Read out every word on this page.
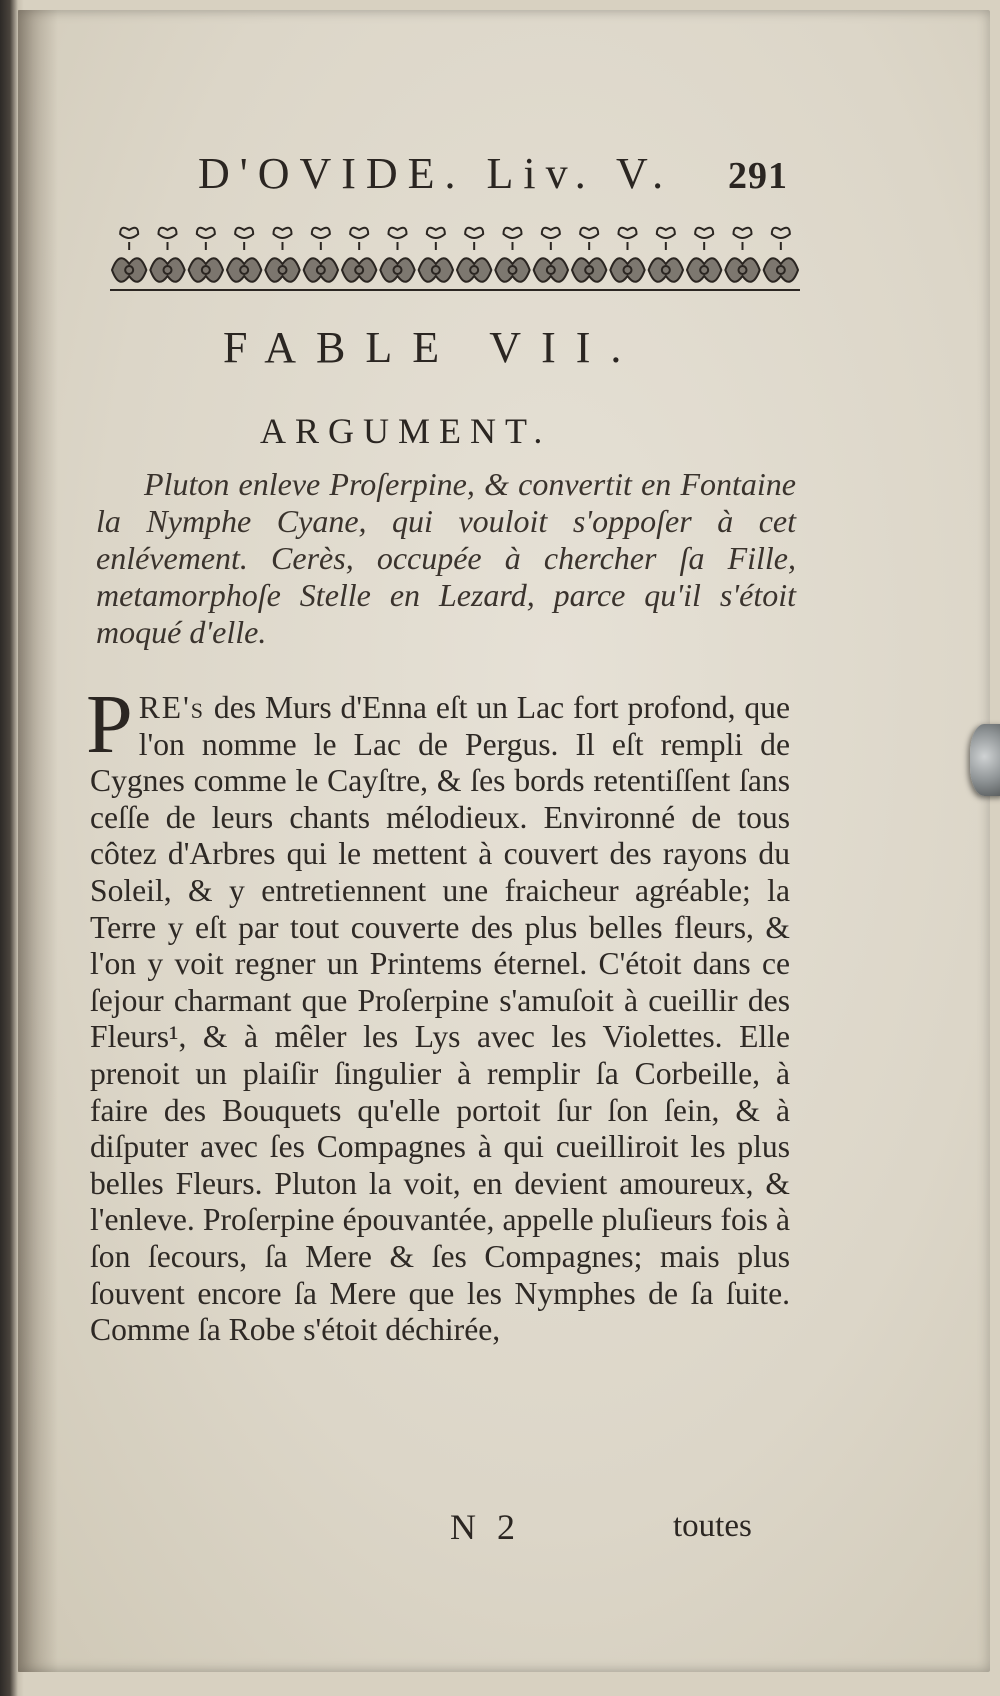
D'OVIDE. Liv. V. 291
FABLE VII.
ARGUMENT.

Pluton enleve Proſerpine, & convertit en Fontaine la Nymphe Cyane, qui vouloit s'oppoſer à cet enlévement. Cerès, occupée à chercher ſa Fille, metamorphoſe Stelle en Lezard, parce qu'il s'étoit moqué d'elle.

PRE's des Murs d'Enna eſt un Lac fort profond, que l'on nomme le Lac de Pergus. Il eſt rempli de Cygnes comme le Cayſtre, & ſes bords retentiſſent ſans ceſſe de leurs chants mélodieux. Environné de tous côtez d'Arbres qui le mettent à couvert des rayons du Soleil, & y entretiennent une fraicheur agréable; la Terre y eſt par tout couverte des plus belles fleurs, & l'on y voit regner un Printems éternel. C'étoit dans ce ſejour charmant que Proſerpine s'amuſoit à cueillir des Fleurs¹, & à mêler les Lys avec les Violettes. Elle prenoit un plaiſir ſingulier à remplir ſa Corbeille, à faire des Bouquets qu'elle portoit ſur ſon ſein, & à diſputer avec ſes Compagnes à qui cueilliroit les plus belles Fleurs. Pluton la voit, en devient amoureux, & l'enleve. Proſerpine épouvantée, appelle pluſieurs fois à ſon ſecours, ſa Mere & ſes Compagnes; mais plus ſouvent encore ſa Mere que les Nymphes de ſa ſuite. Comme ſa Robe s'étoit déchirée,

N 2	toutes
